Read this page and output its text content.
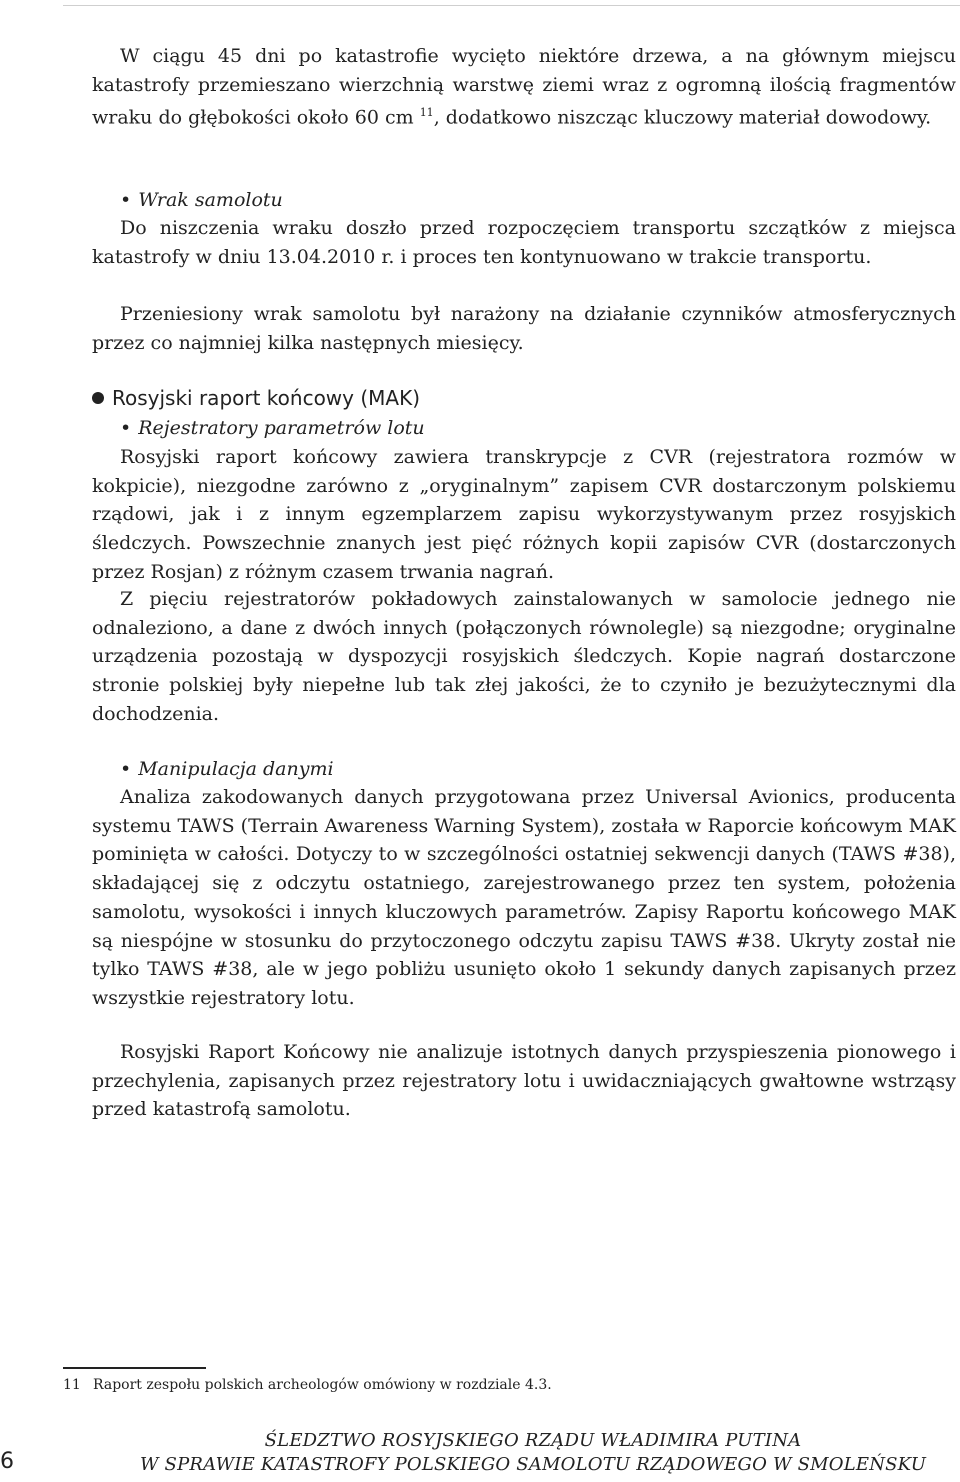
W ciągu 45 dni po katastrofie wycięto niektóre drzewa, a na głównym miejscu katastrofy przemieszano wierzchnią warstwę ziemi wraz z ogromną ilością fragmentów wraku do głębokości około 60 cm $^{11}$, dodatkowo niszcząc kluczowy materiał dowodowy.

• Wrak samolotu

Do niszczenia wraku doszło przed rozpoczęciem transportu szczątków z miejsca katastrofy w dniu 13.04.2010 r. i proces ten kontynuowano w trakcie transportu.

Przeniesiony wrak samolotu był narażony na działanie czynników atmosferycznych przez co najmniej kilka następnych miesięcy.

Rosyjski raport końcowy (MAK)

• Rejestratory parametrów lotu

Rosyjski raport końcowy zawiera transkrypcje z CVR (rejestratora rozmów w kokpicie), niezgodne zarówno z „oryginalnym” zapisem CVR dostarczonym polskiemu rządowi, jak i z innym egzemplarzem zapisu wykorzystywanym przez rosyjskich śledczych. Powszechnie znanych jest pięć różnych kopii zapisów CVR (dostarczonych przez Rosjan) z różnym czasem trwania nagrań.

Z pięciu rejestratorów pokładowych zainstalowanych w samolocie jednego nie odnaleziono, a dane z dwóch innych (połączonych równolegle) są niezgodne; oryginalne urządzenia pozostają w dyspozycji rosyjskich śledczych. Kopie nagrań dostarczone stronie polskiej były niepełne lub tak złej jakości, że to czyniło je bezużytecznymi dla dochodzenia.

• Manipulacja danymi

Analiza zakodowanych danych przygotowana przez Universal Avionics, producenta systemu TAWS (Terrain Awareness Warning System), została w Raporcie końcowym MAK pominięta w całości. Dotyczy to w szczególności ostatniej sekwencji danych (TAWS #38), składającej się z odczytu ostatniego, zarejestrowanego przez ten system, położenia samolotu, wysokości i innych kluczowych parametrów. Zapisy Raportu końcowego MAK są niespójne w stosunku do przytoczonego odczytu zapisu TAWS #38. Ukryty został nie tylko TAWS #38, ale w jego pobliżu usunięto około 1 sekundy danych zapisanych przez wszystkie rejestratory lotu.

Rosyjski Raport Końcowy nie analizuje istotnych danych przyspieszenia pionowego i przechylenia, zapisanych przez rejestratory lotu i uwidaczniających gwałtowne wstrząsy przed katastrofą samolotu.

11 Raport zespołu polskich archeologów omówiony w rozdziale 4.3.
6

ŚLEDZTWO ROSYJSKIEGO RZĄDU WŁADIMIRA PUTINA

W SPRAWIE KATASTROFY POLSKIEGO SAMOLOTU RZĄDOWEGO W SMOLEŃSKU
